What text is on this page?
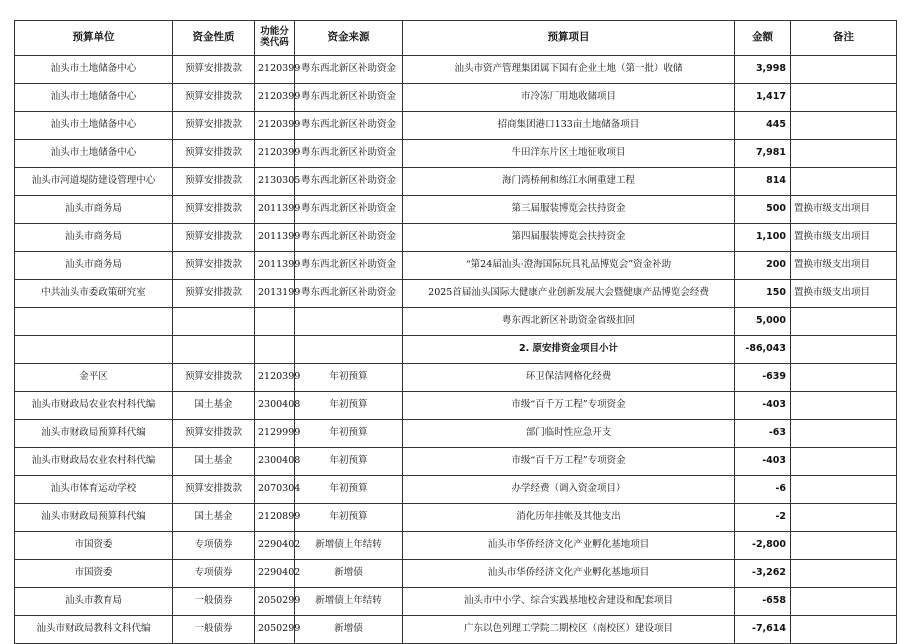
预算单位	资金性质	功能分类代码	资金来源	预算项目	金额	备注
汕头市土地储备中心	预算安排拨款	2120399	粤东西北新区补助资金	汕头市资产管理集团属下国有企业土地（第一批）收储	3,998	
汕头市土地储备中心	预算安排拨款	2120399	粤东西北新区补助资金	市冷冻厂用地收储项目	1,417	
汕头市土地储备中心	预算安排拨款	2120399	粤东西北新区补助资金	招商集团港口133亩土地储备项目	445	
汕头市土地储备中心	预算安排拨款	2120399	粤东西北新区补助资金	牛田洋东片区土地征收项目	7,981	
汕头市河道堤防建设管理中心	预算安排拨款	2130305	粤东西北新区补助资金	海门湾桥闸和练江水闸重建工程	814	
汕头市商务局	预算安排拨款	2011399	粤东西北新区补助资金	第三届服装博览会扶持资金	500	置换市级支出项目
汕头市商务局	预算安排拨款	2011399	粤东西北新区补助资金	第四届服装博览会扶持资金	1,100	置换市级支出项目
汕头市商务局	预算安排拨款	2011399	粤东西北新区补助资金	“第24届汕头·澄海国际玩具礼品博览会”资金补助	200	置换市级支出项目
中共汕头市委政策研究室	预算安排拨款	2013199	粤东西北新区补助资金	2025首届汕头国际大健康产业创新发展大会暨健康产品博览会经费	150	置换市级支出项目
				粤东西北新区补助资金省级扣回	5,000	
				2. 原安排资金项目小计	-86,043	
金平区	预算安排拨款	2120399	年初预算	环卫保洁网格化经费	-639	
汕头市财政局农业农村科代编	国土基金	2300408	年初预算	市级“百千万工程”专项资金	-403	
汕头市财政局预算科代编	预算安排拨款	2129999	年初预算	部门临时性应急开支	-63	
汕头市财政局农业农村科代编	国土基金	2300408	年初预算	市级“百千万工程”专项资金	-403	
汕头市体育运动学校	预算安排拨款	2070304	年初预算	办学经费（调入资金项目）	-6	
汕头市财政局预算科代编	国土基金	2120899	年初预算	消化历年挂帐及其他支出	-2	
市国资委	专项债券	2290402	新增债上年结转	汕头市华侨经济文化产业孵化基地项目	-2,800	
市国资委	专项债券	2290402	新增债	汕头市华侨经济文化产业孵化基地项目	-3,262	
汕头市教育局	一般债券	2050299	新增债上年结转	汕头市中小学、综合实践基地校舍建设和配套项目	-658	
汕头市财政局教科文科代编	一般债券	2050299	新增债	广东以色列理工学院二期校区（南校区）建设项目	-7,614	
